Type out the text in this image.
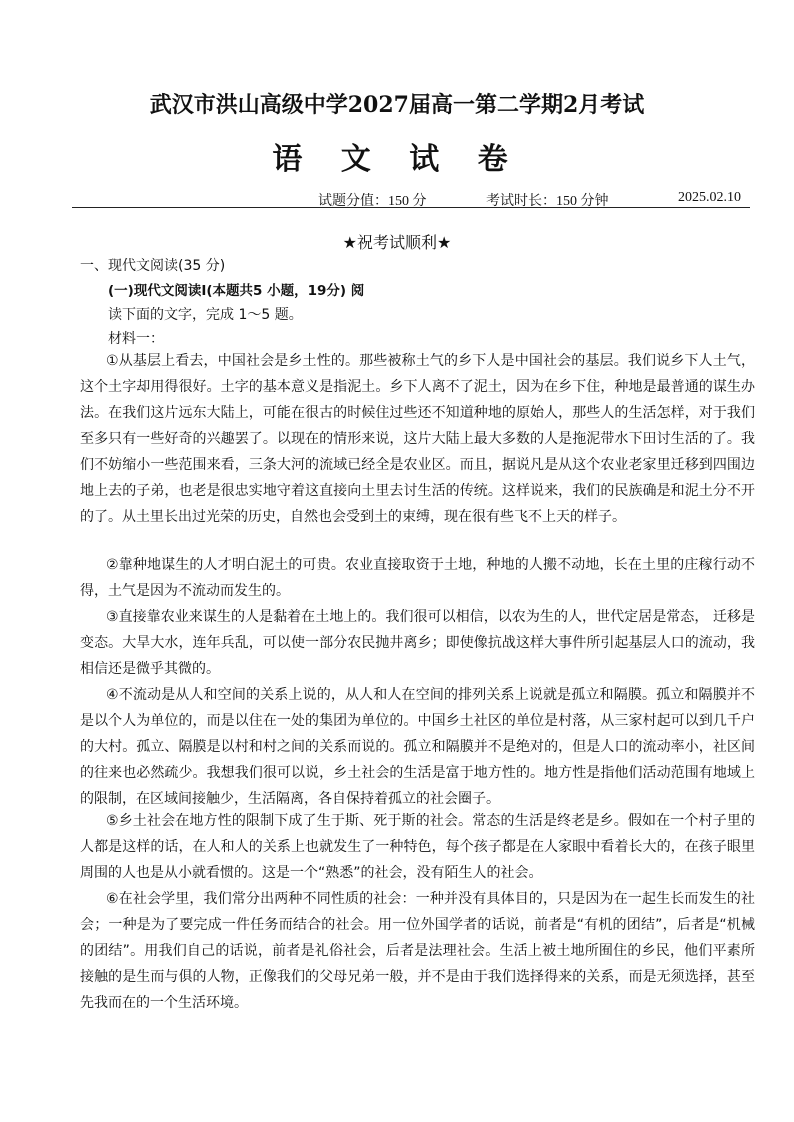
武汉市洪山高级中学2027届高一第二学期2月考试
语 文 试 卷
试题分值：150 分	考试时长：150 分钟	2025.02.10
★祝考试顺利★
一、现代文阅读(35 分)
(一)现代文阅读Ⅰ(本题共5 小题，19分) 阅
读下面的文字，完成 1～5 题。
材料一：

①从基层上看去，中国社会是乡土性的。那些被称土气的乡下人是中国社会的基层。我们说乡下人土气，这个土字却用得很好。土字的基本意义是指泥土。乡下人离不了泥土，因为在乡下住，种地是最普通的谋生办法。在我们这片远东大陆上，可能在很古的时候住过些还不知道种地的原始人，那些人的生活怎样，对于我们至多只有一些好奇的兴趣罢了。以现在的情形来说，这片大陆上最大多数的人是拖泥带水下田讨生活的了。我们不妨缩小一些范围来看，三条大河的流域已经全是农业区。而且，据说凡是从这个农业老家里迁移到四围边地上去的子弟，也老是很忠实地守着这直接向土里去讨生活的传统。这样说来，我们的民族确是和泥土分不开的了。从土里长出过光荣的历史，自然也会受到土的束缚，现在很有些飞不上天的样子。

②靠种地谋生的人才明白泥土的可贵。农业直接取资于土地，种地的人搬不动地，长在土里的庄稼行动不得，土气是因为不流动而发生的。

③直接靠农业来谋生的人是黏着在土地上的。我们很可以相信，以农为生的人，世代定居是常态， 迁移是变态。大旱大水，连年兵乱，可以使一部分农民抛井离乡；即使像抗战这样大事件所引起基层人口的流动，我相信还是微乎其微的。

④不流动是从人和空间的关系上说的，从人和人在空间的排列关系上说就是孤立和隔膜。孤立和隔膜并不是以个人为单位的，而是以住在一处的集团为单位的。中国乡土社区的单位是村落，从三家村起可以到几千户的大村。孤立、隔膜是以村和村之间的关系而说的。孤立和隔膜并不是绝对的，但是人口的流动率小，社区间的往来也必然疏少。我想我们很可以说，乡土社会的生活是富于地方性的。地方性是指他们活动范围有地域上的限制，在区域间接触少，生活隔离，各自保持着孤立的社会圈子。

⑤乡土社会在地方性的限制下成了生于斯、死于斯的社会。常态的生活是终老是乡。假如在一个村子里的人都是这样的话，在人和人的关系上也就发生了一种特色，每个孩子都是在人家眼中看着长大的，在孩子眼里周围的人也是从小就看惯的。这是一个“熟悉”的社会，没有陌生人的社会。

⑥在社会学里，我们常分出两种不同性质的社会：一种并没有具体目的，只是因为在一起生长而发生的社会；一种是为了要完成一件任务而结合的社会。用一位外国学者的话说，前者是“有机的团结”，后者是“机械的团结”。用我们自己的话说，前者是礼俗社会，后者是法理社会。生活上被土地所囿住的乡民，他们平素所接触的是生而与俱的人物，正像我们的父母兄弟一般，并不是由于我们选择得来的关系，而是无须选择，甚至先我而在的一个生活环境。
